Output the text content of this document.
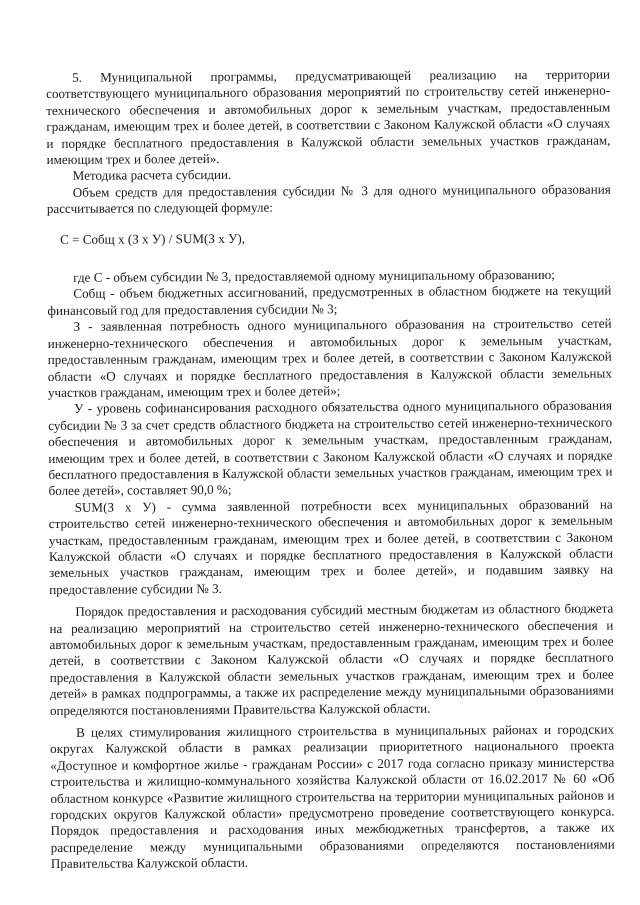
5. Муниципальной программы, предусматривающей реализацию на территории соответствующего муниципального образования мероприятий по строительству сетей инженерно-технического обеспечения и автомобильных дорог к земельным участкам, предоставленным гражданам, имеющим трех и более детей, в соответствии с Законом Калужской области «О случаях и порядке бесплатного предоставления в Калужской области земельных участков гражданам, имеющим трех и более детей».

Методика расчета субсидии.

Объем средств для предоставления субсидии № 3 для одного муниципального образования рассчитывается по следующей формуле:

C = Cобщ х (З х У) / SUM(З х У),

где С - объем субсидии № 3, предоставляемой одному муниципальному образованию;

Cобщ - объем бюджетных ассигнований, предусмотренных в областном бюджете на текущий финансовый год для предоставления субсидии № 3;

З - заявленная потребность одного муниципального образования на строительство сетей инженерно-технического обеспечения и автомобильных дорог к земельным участкам, предоставленным гражданам, имеющим трех и более детей, в соответствии с Законом Калужской области «О случаях и порядке бесплатного предоставления в Калужской области земельных участков гражданам, имеющим трех и более детей»;

У - уровень софинансирования расходного обязательства одного муниципального образования субсидии № 3 за счет средств областного бюджета на строительство сетей инженерно-технического обеспечения и автомобильных дорог к земельным участкам, предоставленным гражданам, имеющим трех и более детей, в соответствии с Законом Калужской области «О случаях и порядке бесплатного предоставления в Калужской области земельных участков гражданам, имеющим трех и более детей», составляет 90,0 %;

SUM(З х У) - сумма заявленной потребности всех муниципальных образований на строительство сетей инженерно-технического обеспечения и автомобильных дорог к земельным участкам, предоставленным гражданам, имеющим трех и более детей, в соответствии с Законом Калужской области «О случаях и порядке бесплатного предоставления в Калужской области земельных участков гражданам, имеющим трех и более детей», и подавшим заявку на предоставление субсидии № 3.

Порядок предоставления и расходования субсидий местным бюджетам из областного бюджета на реализацию мероприятий на строительство сетей инженерно-технического обеспечения и автомобильных дорог к земельным участкам, предоставленным гражданам, имеющим трех и более детей, в соответствии с Законом Калужской области «О случаях и порядке бесплатного предоставления в Калужской области земельных участков гражданам, имеющим трех и более детей» в рамках подпрограммы, а также их распределение между муниципальными образованиями определяются постановлениями Правительства Калужской области.

В целях стимулирования жилищного строительства в муниципальных районах и городских округах Калужской области в рамках реализации приоритетного национального проекта «Доступное и комфортное жилье - гражданам России» с 2017 года согласно приказу министерства строительства и жилищно-коммунального хозяйства Калужской области от 16.02.2017 № 60 «Об областном конкурсе «Развитие жилищного строительства на территории муниципальных районов и городских округов Калужской области» предусмотрено проведение соответствующего конкурса. Порядок предоставления и расходования иных межбюджетных трансфертов, а также их распределение между муниципальными образованиями определяются постановлениями Правительства Калужской области.
